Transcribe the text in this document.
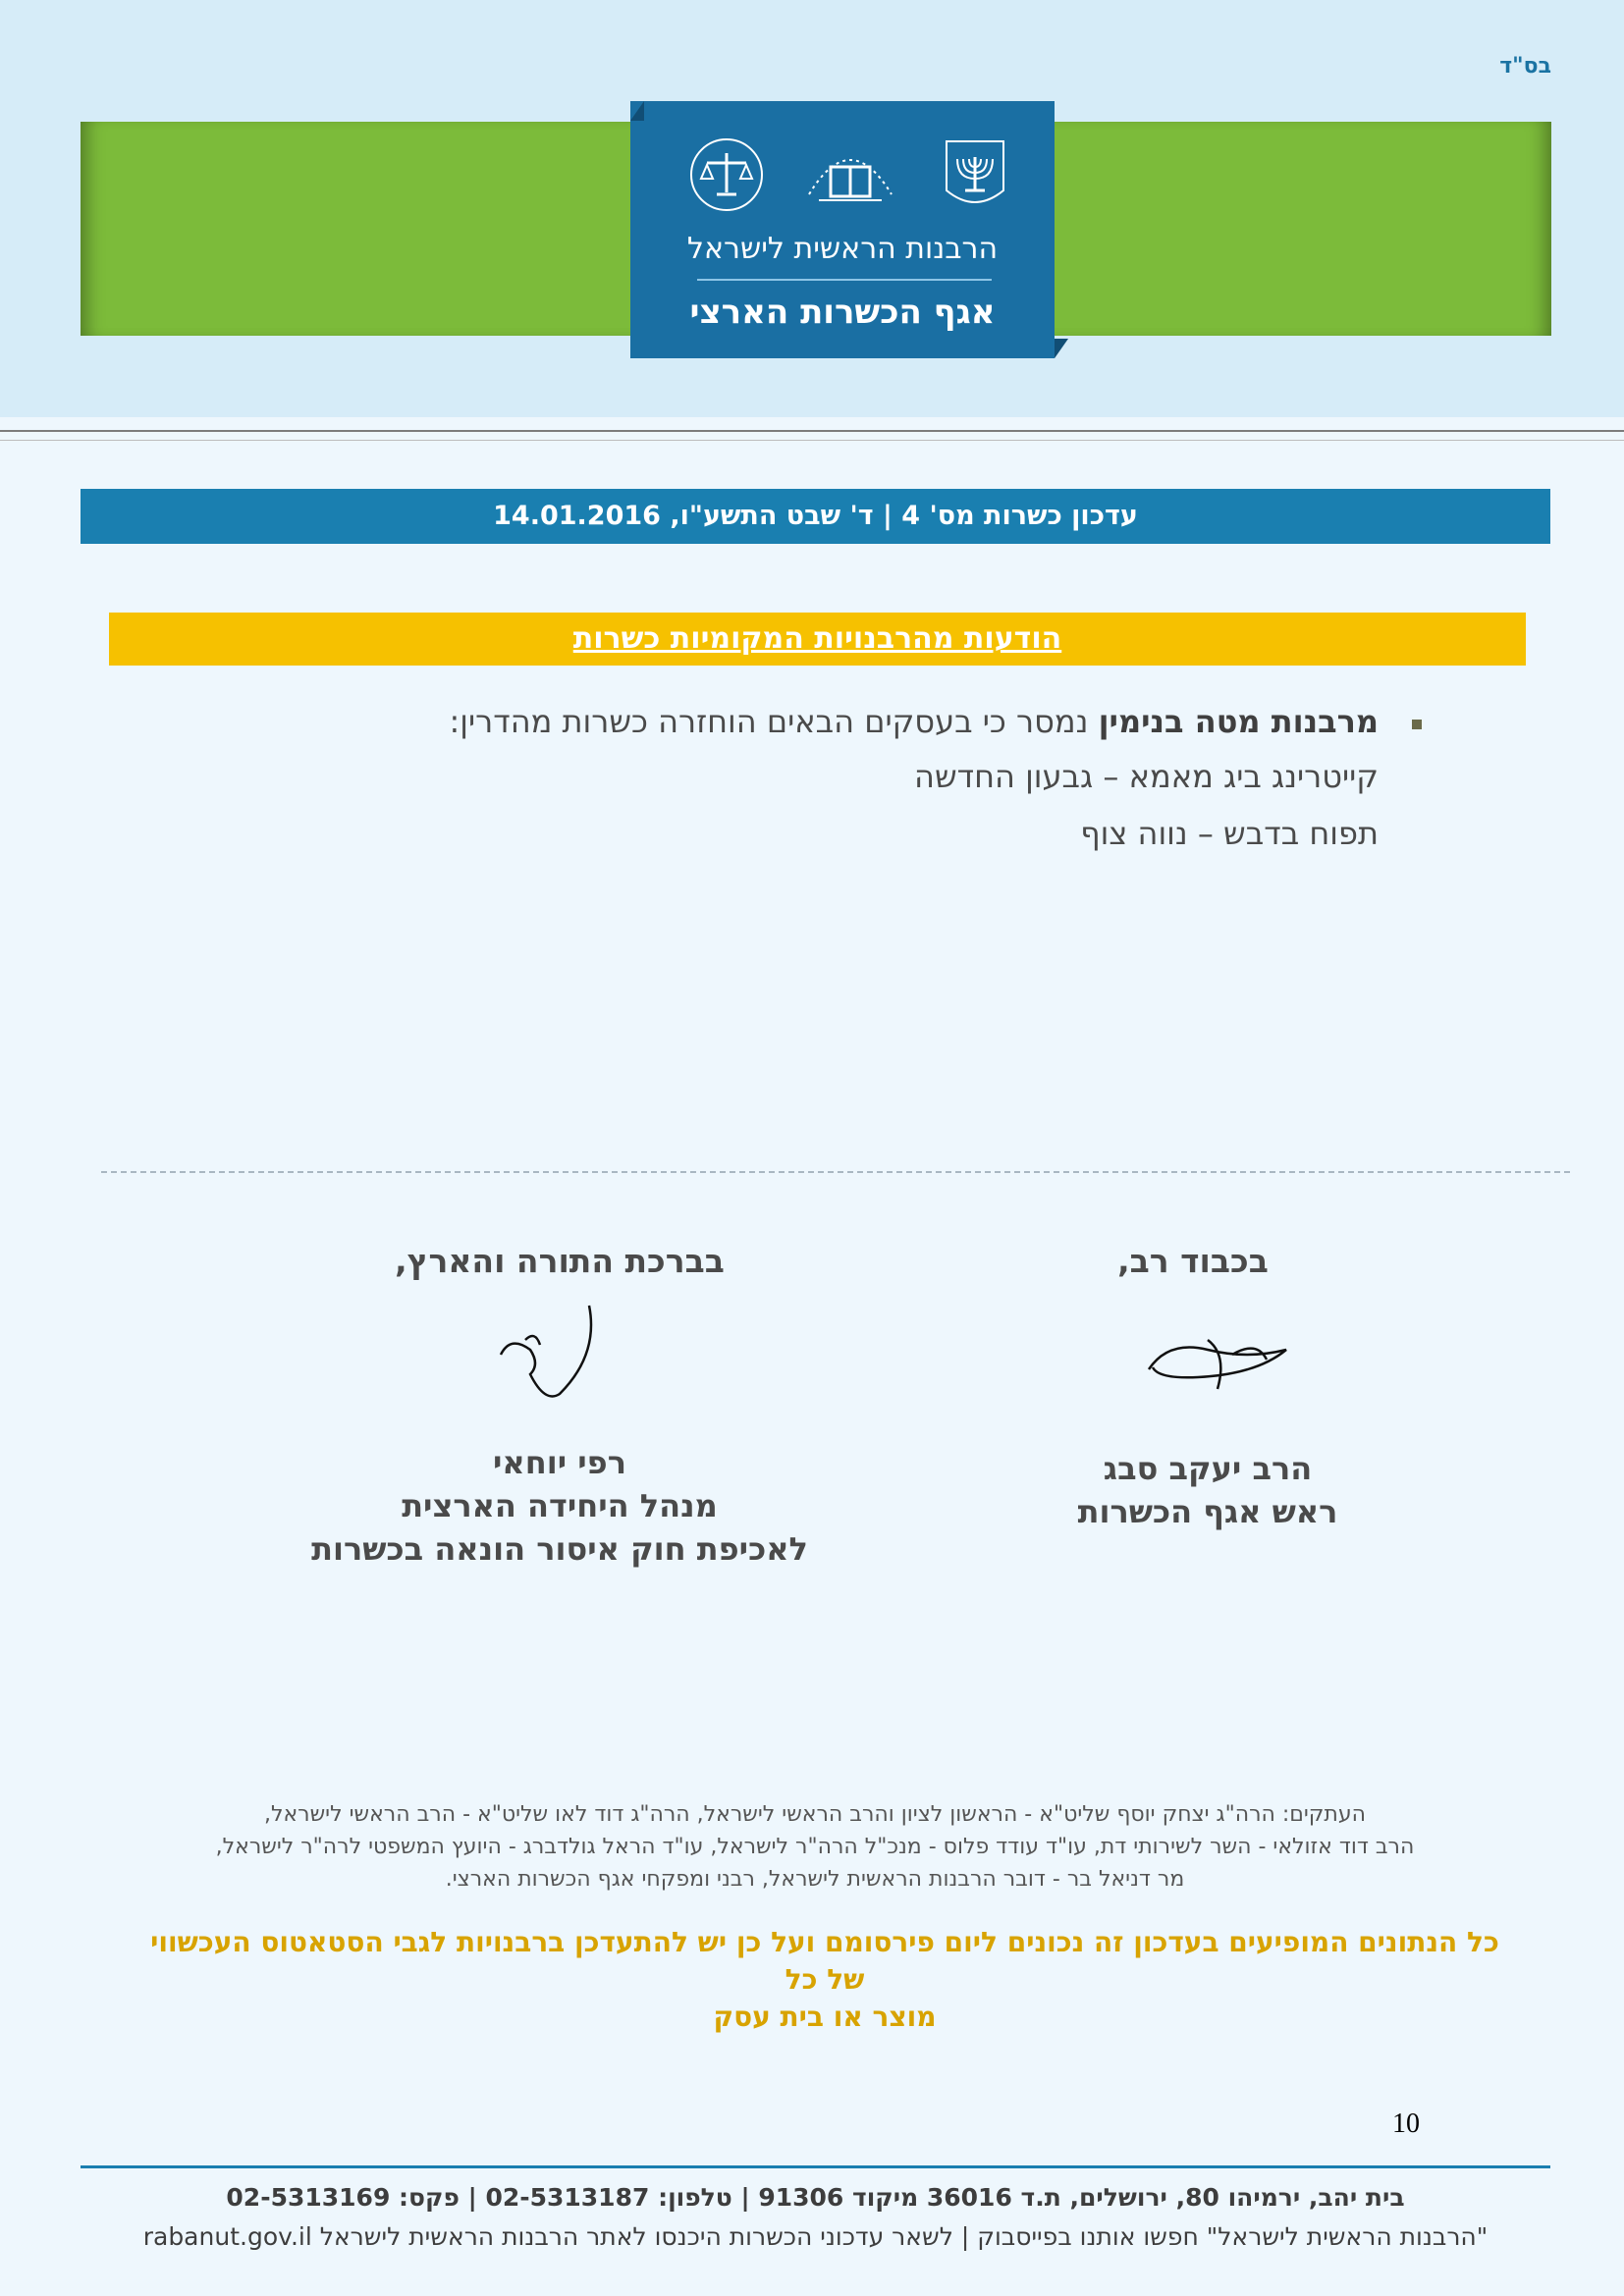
בס"ד
הרבנות הראשית לישראל
אגף הכשרות הארצי
עדכון כשרות מס' 4 | ד' שבט התשע"ו, 14.01.2016
הודעות מהרבנויות המקומיות כשרות
מרבנות מטה בנימין נמסר כי בעסקים הבאים הוחזרה כשרות מהדרין:
קייטרינג ביג מאמא – גבעון החדשה
תפוח בדבש – נווה צוף
בכבוד רב,
בברכת התורה והארץ,
הרב יעקב סבג
ראש אגף הכשרות
רפי יוחאי
מנהל היחידה הארצית
לאכיפת חוק איסור הונאה בכשרות
העתקים: הרה"ג יצחק יוסף שליט"א - הראשון לציון והרב הראשי לישראל, הרה"ג דוד לאו שליט"א - הרב הראשי לישראל,
הרב דוד אזולאי - השר לשירותי דת, עו"ד עודד פלוס - מנכ"ל הרה"ר לישראל, עו"ד הראל גולדברג - היועץ המשפטי לרה"ר לישראל,
מר דניאל בר - דובר הרבנות הראשית לישראל, רבני ומפקחי אגף הכשרות הארצי.
כל הנתונים המופיעים בעדכון זה נכונים ליום פירסומם ועל כן יש להתעדכן ברבנויות לגבי הסטאטוס העכשווי של כל
מוצר או בית עסק
10
בית יהב, ירמיהו 80, ירושלים, ת.ד 36016 מיקוד 91306 | טלפון: 02-5313187 | פקס: 02-5313169
"הרבנות הראשית לישראל" חפשו אותנו בפייסבוק | לשאר עדכוני הכשרות היכנסו לאתר הרבנות הראשית לישראל rabanut.gov.il
